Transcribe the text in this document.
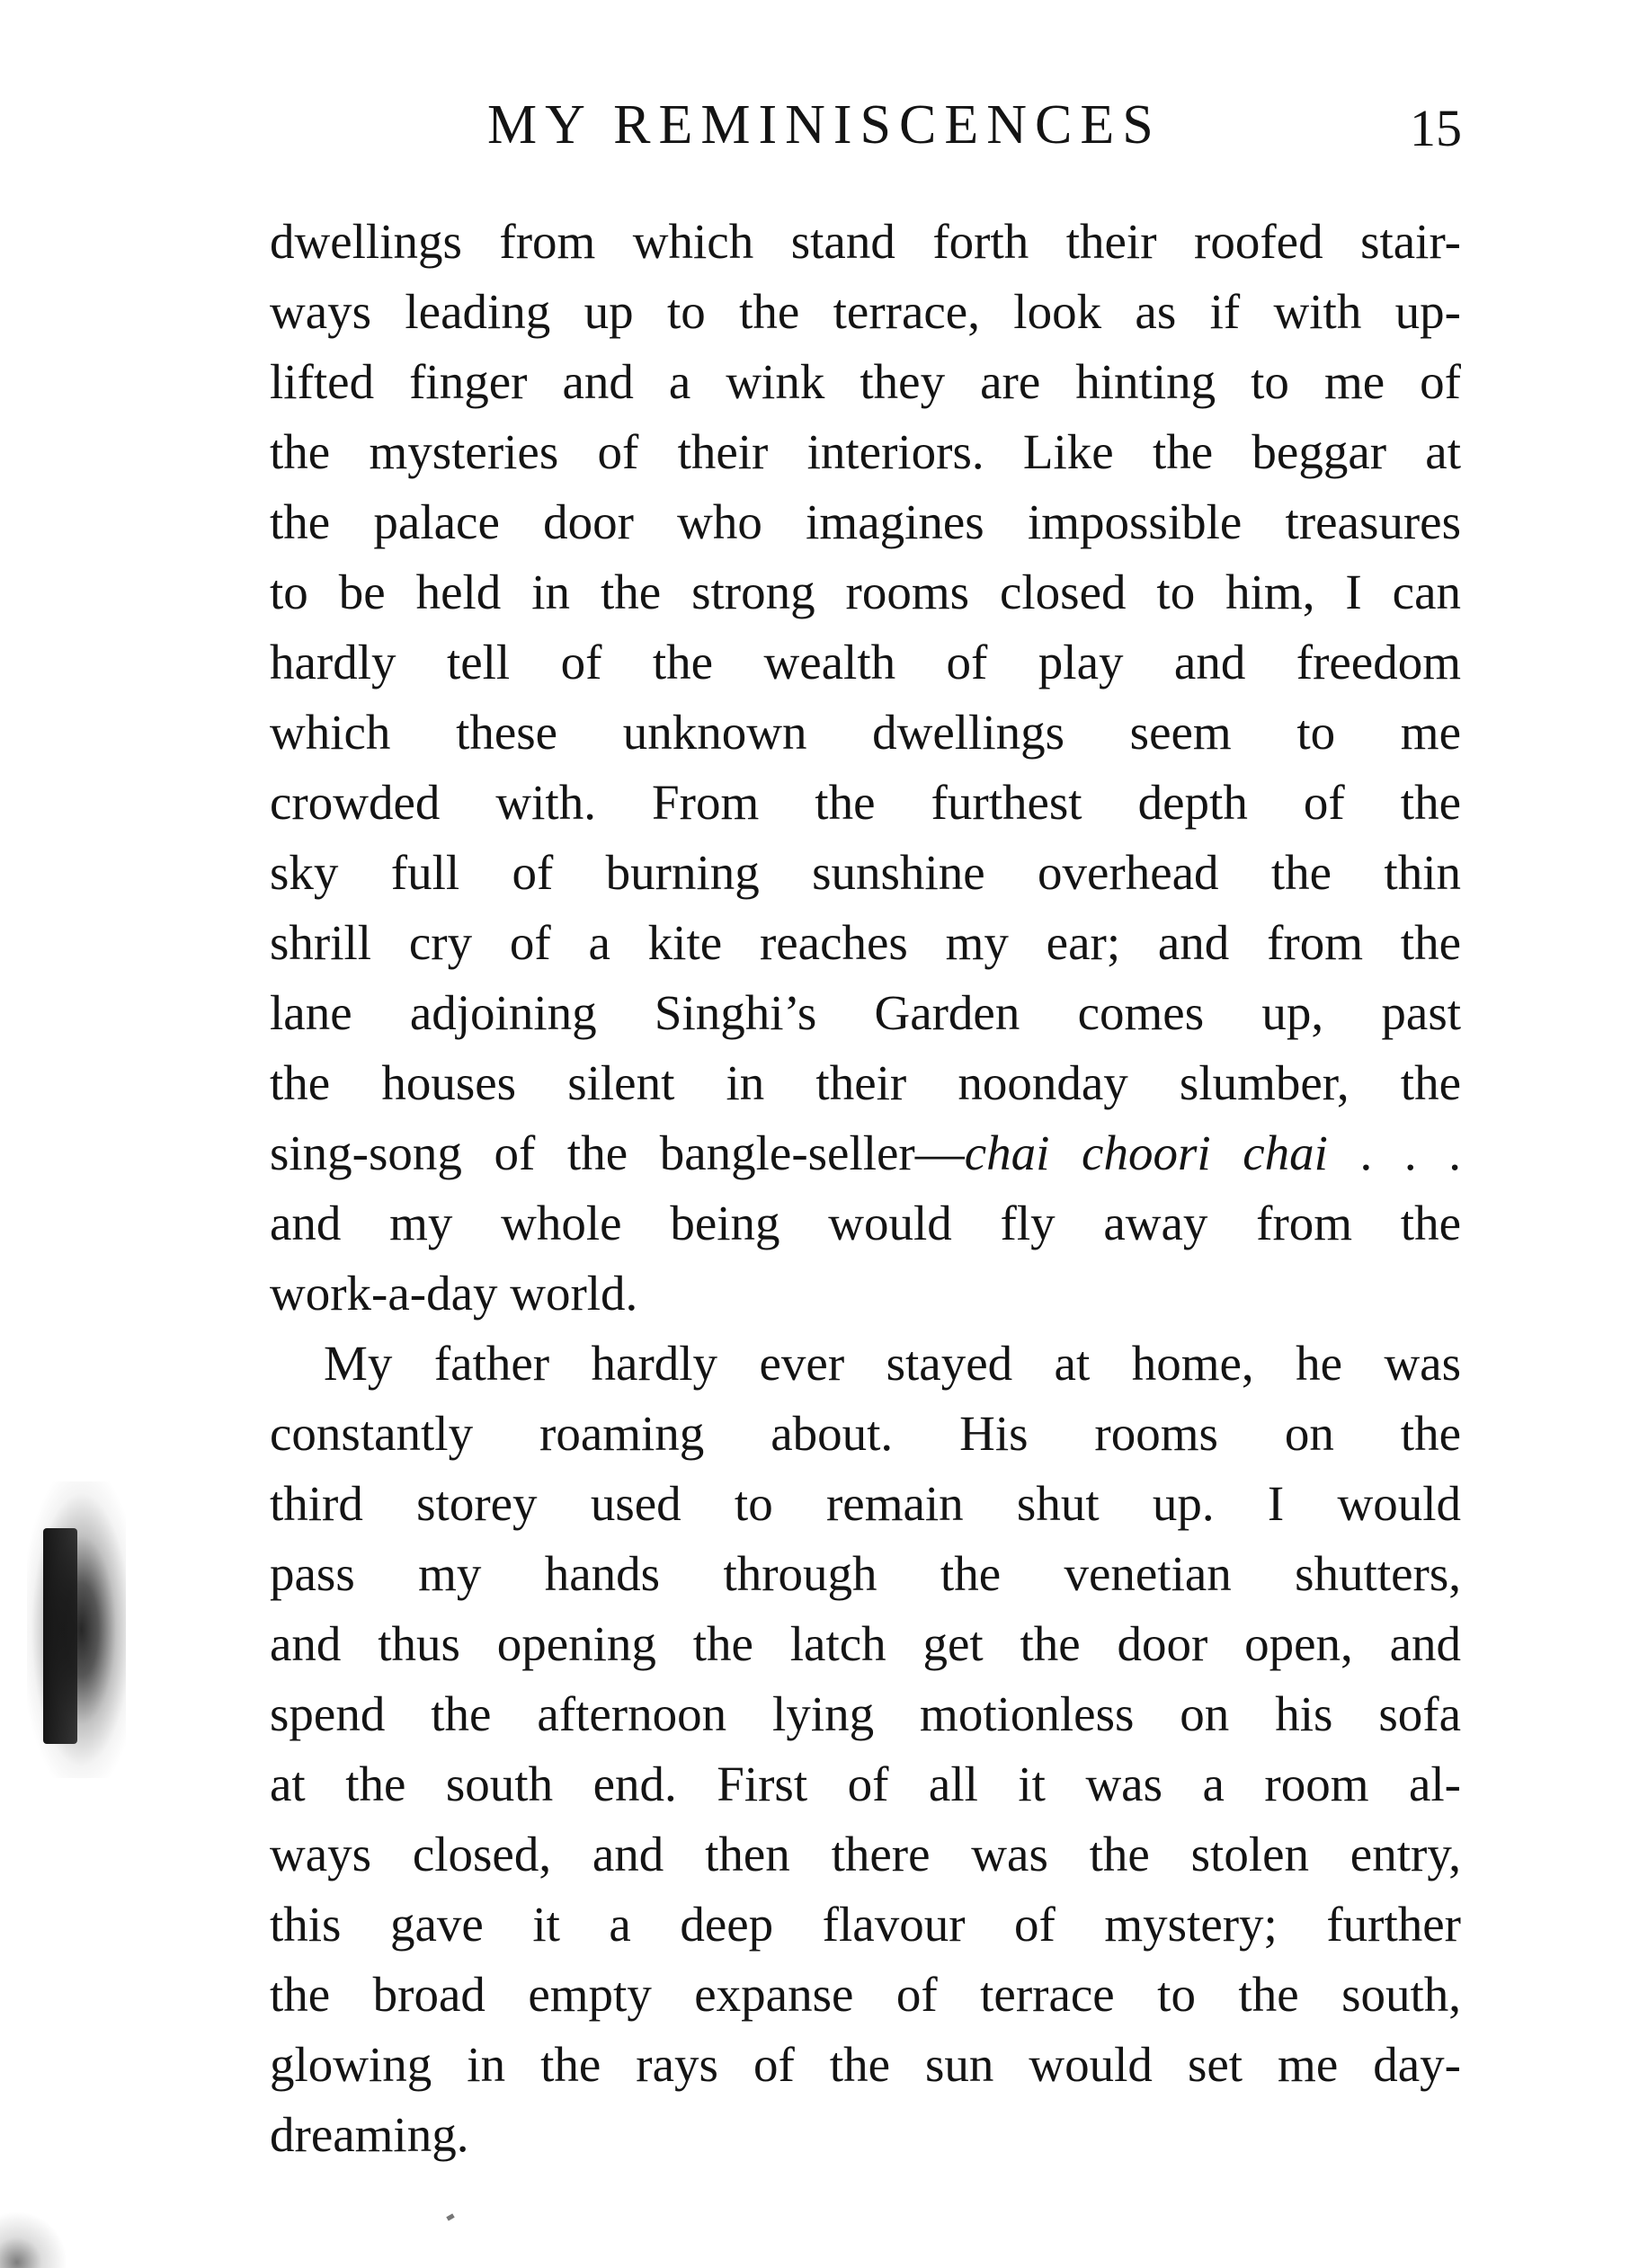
MY REMINISCENCES	15
dwellings from which stand forth their roofed stair-
ways leading up to the terrace, look as if with up-
lifted finger and a wink they are hinting to me of
the mysteries of their interiors. Like the beggar at
the palace door who imagines impossible treasures
to be held in the strong rooms closed to him, I can
hardly tell of the wealth of play and freedom
which these unknown dwellings seem to me
crowded with. From the furthest depth of the
sky full of burning sunshine overhead the thin
shrill cry of a kite reaches my ear; and from the
lane adjoining Singhi’s Garden comes up, past
the houses silent in their noonday slumber, the
sing-song of the bangle-seller—chai choori chai . . .
and my whole being would fly away from the
work-a-day world.
My father hardly ever stayed at home, he was
constantly roaming about. His rooms on the
third storey used to remain shut up. I would
pass my hands through the venetian shutters,
and thus opening the latch get the door open, and
spend the afternoon lying motionless on his sofa
at the south end. First of all it was a room al-
ways closed, and then there was the stolen entry,
this gave it a deep flavour of mystery; further
the broad empty expanse of terrace to the south,
glowing in the rays of the sun would set me day-
dreaming.
